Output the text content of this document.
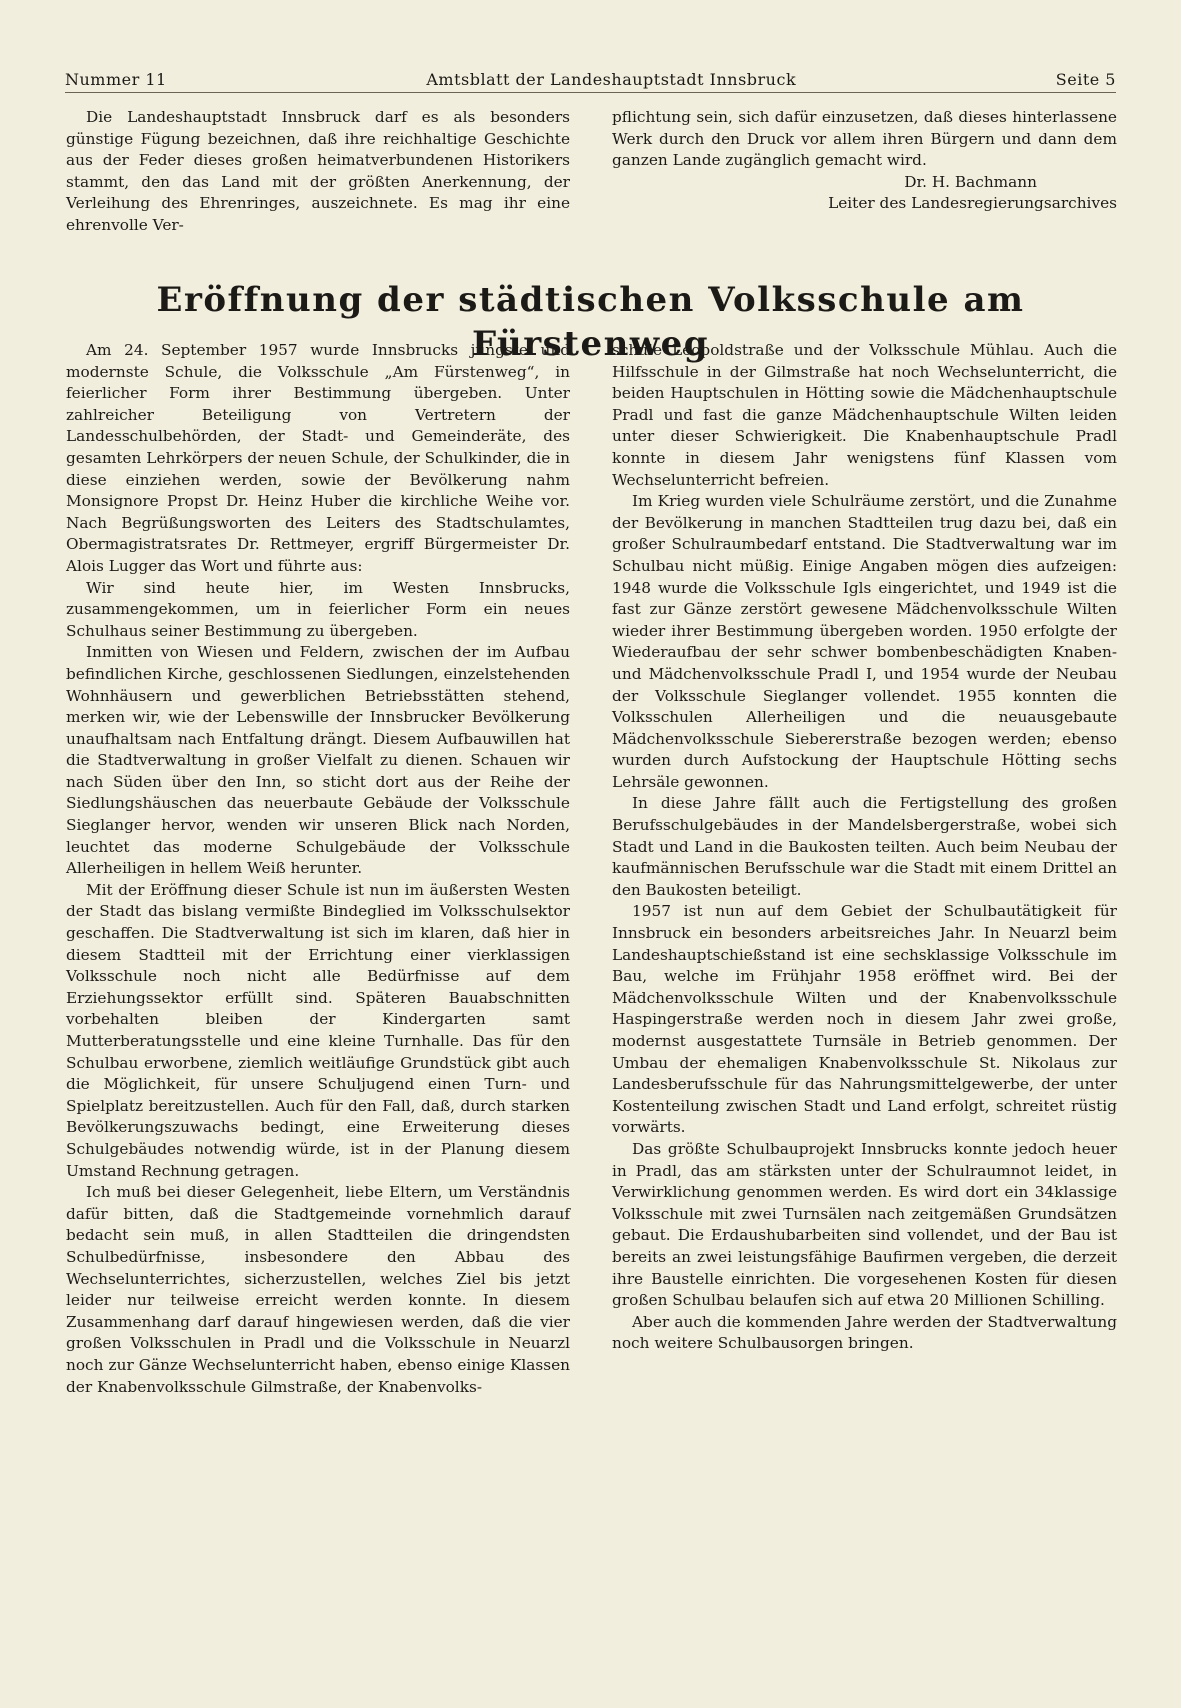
Nummer 11	Amtsblatt der Landeshauptstadt Innsbruck	Seite 5

Die Landeshauptstadt Innsbruck darf es als besonders günstige Fügung bezeichnen, daß ihre reichhaltige Geschichte aus der Feder dieses großen heimatverbundenen Historikers stammt, den das Land mit der größten Anerkennung, der Verleihung des Ehrenringes, auszeichnete. Es mag ihr eine ehrenvolle Ver-

pflichtung sein, sich dafür einzusetzen, daß dieses hinterlassene Werk durch den Druck vor allem ihren Bürgern und dann dem ganzen Lande zugänglich gemacht wird.

Dr. H. Bachmann

Leiter des Landesregierungsarchives

Eröffnung der städtischen Volksschule am Fürstenweg

Am 24. September 1957 wurde Innsbrucks jüngste und modernste Schule, die Volksschule „Am Fürstenweg“, in feierlicher Form ihrer Bestimmung übergeben. Unter zahlreicher Beteiligung von Vertretern der Landesschulbehörden, der Stadt- und Gemeinderäte, des gesamten Lehrkörpers der neuen Schule, der Schulkinder, die in diese einziehen werden, sowie der Bevölkerung nahm Monsignore Propst Dr. Heinz Huber die kirchliche Weihe vor. Nach Begrüßungsworten des Leiters des Stadtschulamtes, Obermagistratsrates Dr. Rettmeyer, ergriff Bürgermeister Dr. Alois Lugger das Wort und führte aus:

Wir sind heute hier, im Westen Innsbrucks, zusammengekommen, um in feierlicher Form ein neues Schulhaus seiner Bestimmung zu übergeben.

Inmitten von Wiesen und Feldern, zwischen der im Aufbau befindlichen Kirche, geschlossenen Siedlungen, einzelstehenden Wohnhäusern und gewerblichen Betriebsstätten stehend, merken wir, wie der Lebenswille der Innsbrucker Bevölkerung unaufhaltsam nach Entfaltung drängt. Diesem Aufbauwillen hat die Stadtverwaltung in großer Vielfalt zu dienen. Schauen wir nach Süden über den Inn, so sticht dort aus der Reihe der Siedlungshäuschen das neuerbaute Gebäude der Volksschule Sieglanger hervor, wenden wir unseren Blick nach Norden, leuchtet das moderne Schulgebäude der Volksschule Allerheiligen in hellem Weiß herunter.

Mit der Eröffnung dieser Schule ist nun im äußersten Westen der Stadt das bislang vermißte Bindeglied im Volksschulsektor geschaffen. Die Stadtverwaltung ist sich im klaren, daß hier in diesem Stadtteil mit der Errichtung einer vierklassigen Volksschule noch nicht alle Bedürfnisse auf dem Erziehungssektor erfüllt sind. Späteren Bauabschnitten vorbehalten bleiben der Kindergarten samt Mutterberatungsstelle und eine kleine Turnhalle. Das für den Schulbau erworbene, ziemlich weitläufige Grundstück gibt auch die Möglichkeit, für unsere Schuljugend einen Turn- und Spielplatz bereitzustellen. Auch für den Fall, daß, durch starken Bevölkerungszuwachs bedingt, eine Erweiterung dieses Schulgebäudes notwendig würde, ist in der Planung diesem Umstand Rechnung getragen.

Ich muß bei dieser Gelegenheit, liebe Eltern, um Verständnis dafür bitten, daß die Stadtgemeinde vornehmlich darauf bedacht sein muß, in allen Stadtteilen die dringendsten Schulbedürfnisse, insbesondere den Abbau des Wechselunterrichtes, sicherzustellen, welches Ziel bis jetzt leider nur teilweise erreicht werden konnte. In diesem Zusammenhang darf darauf hingewiesen werden, daß die vier großen Volksschulen in Pradl und die Volksschule in Neuarzl noch zur Gänze Wechselunterricht haben, ebenso einige Klassen der Knabenvolksschule Gilmstraße, der Knabenvolks-

schule Leopoldstraße und der Volksschule Mühlau. Auch die Hilfsschule in der Gilmstraße hat noch Wechselunterricht, die beiden Hauptschulen in Hötting sowie die Mädchenhauptschule Pradl und fast die ganze Mädchenhauptschule Wilten leiden unter dieser Schwierigkeit. Die Knabenhauptschule Pradl konnte in diesem Jahr wenigstens fünf Klassen vom Wechselunterricht befreien.

Im Krieg wurden viele Schulräume zerstört, und die Zunahme der Bevölkerung in manchen Stadtteilen trug dazu bei, daß ein großer Schulraumbedarf entstand. Die Stadtverwaltung war im Schulbau nicht müßig. Einige Angaben mögen dies aufzeigen: 1948 wurde die Volksschule Igls eingerichtet, und 1949 ist die fast zur Gänze zerstört gewesene Mädchenvolksschule Wilten wieder ihrer Bestimmung übergeben worden. 1950 erfolgte der Wiederaufbau der sehr schwer bombenbeschädigten Knaben- und Mädchenvolksschule Pradl I, und 1954 wurde der Neubau der Volksschule Sieglanger vollendet. 1955 konnten die Volksschulen Allerheiligen und die neuausgebaute Mädchenvolksschule Siebererstraße bezogen werden; ebenso wurden durch Aufstockung der Hauptschule Hötting sechs Lehrsäle gewonnen.

In diese Jahre fällt auch die Fertigstellung des großen Berufsschulgebäudes in der Mandelsbergerstraße, wobei sich Stadt und Land in die Baukosten teilten. Auch beim Neubau der kaufmännischen Berufsschule war die Stadt mit einem Drittel an den Baukosten beteiligt.

1957 ist nun auf dem Gebiet der Schulbautätigkeit für Innsbruck ein besonders arbeitsreiches Jahr. In Neuarzl beim Landeshauptschießstand ist eine sechsklassige Volksschule im Bau, welche im Frühjahr 1958 eröffnet wird. Bei der Mädchenvolksschule Wilten und der Knabenvolksschule Haspingerstraße werden noch in diesem Jahr zwei große, modernst ausgestattete Turnsäle in Betrieb genommen. Der Umbau der ehemaligen Knabenvolksschule St. Nikolaus zur Landesberufsschule für das Nahrungsmittelgewerbe, der unter Kostenteilung zwischen Stadt und Land erfolgt, schreitet rüstig vorwärts.

Das größte Schulbauprojekt Innsbrucks konnte jedoch heuer in Pradl, das am stärksten unter der Schulraumnot leidet, in Verwirklichung genommen werden. Es wird dort ein 34klassige Volksschule mit zwei Turnsälen nach zeitgemäßen Grundsätzen gebaut. Die Erdaushubarbeiten sind vollendet, und der Bau ist bereits an zwei leistungsfähige Baufirmen vergeben, die derzeit ihre Baustelle einrichten. Die vorgesehenen Kosten für diesen großen Schulbau belaufen sich auf etwa 20 Millionen Schilling.

Aber auch die kommenden Jahre werden der Stadtverwaltung noch weitere Schulbausorgen bringen.
